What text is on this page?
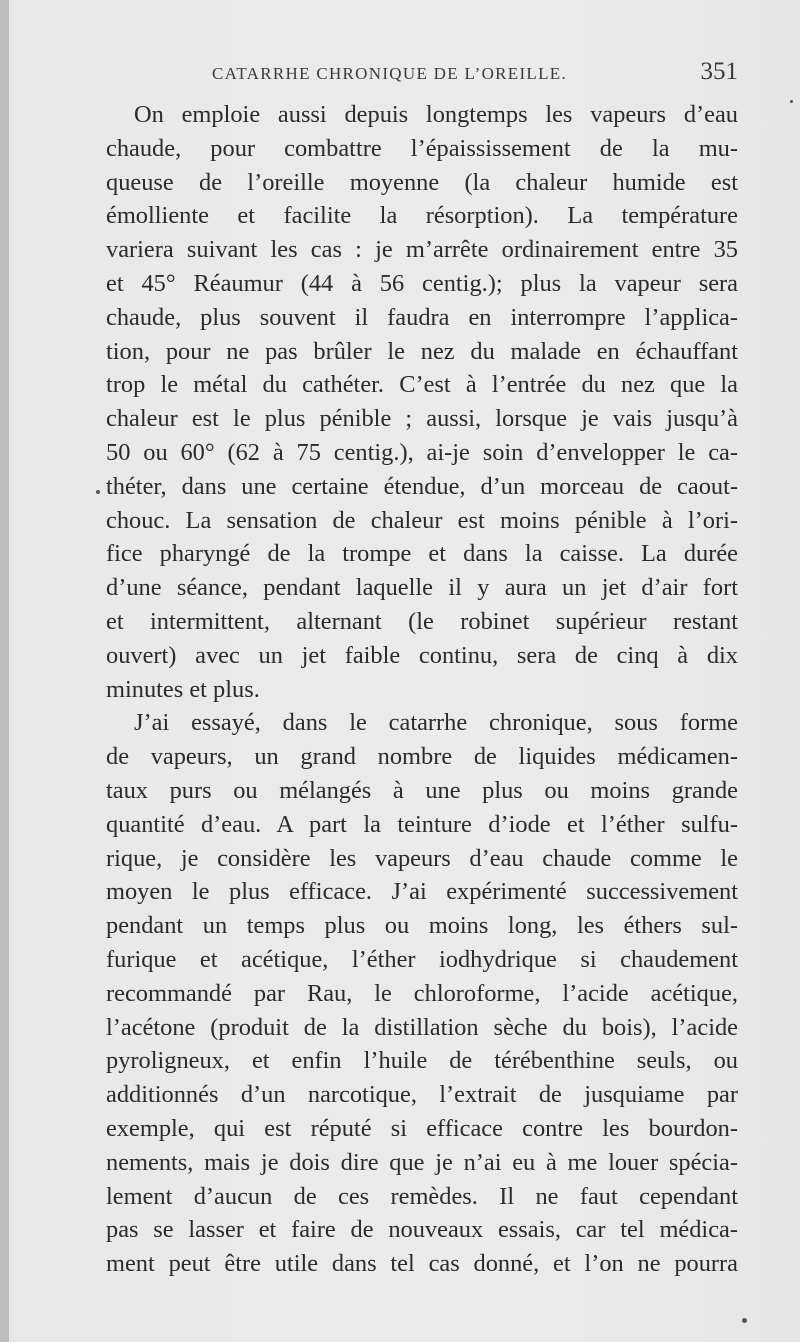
CATARRHE CHRONIQUE DE L’OREILLE.	351
On emploie aussi depuis longtemps les vapeurs d’eau
chaude, pour combattre l’épaississement de la mu-
queuse de l’oreille moyenne (la chaleur humide est
émolliente et facilite la résorption). La température
variera suivant les cas : je m’arrête ordinairement entre 35
et 45° Réaumur (44 à 56 centig.); plus la vapeur sera
chaude, plus souvent il faudra en interrompre l’applica-
tion, pour ne pas brûler le nez du malade en échauffant
trop le métal du cathéter. C’est à l’entrée du nez que la
chaleur est le plus pénible ; aussi, lorsque je vais jusqu’à
50 ou 60° (62 à 75 centig.), ai-je soin d’envelopper le ca-
théter, dans une certaine étendue, d’un morceau de caout-
chouc. La sensation de chaleur est moins pénible à l’ori-
fice pharyngé de la trompe et dans la caisse. La durée
d’une séance, pendant laquelle il y aura un jet d’air fort
et intermittent, alternant (le robinet supérieur restant
ouvert) avec un jet faible continu, sera de cinq à dix
minutes et plus.
J’ai essayé, dans le catarrhe chronique, sous forme
de vapeurs, un grand nombre de liquides médicamen-
taux purs ou mélangés à une plus ou moins grande
quantité d’eau. A part la teinture d’iode et l’éther sulfu-
rique, je considère les vapeurs d’eau chaude comme le
moyen le plus efficace. J’ai expérimenté successivement
pendant un temps plus ou moins long, les éthers sul-
furique et acétique, l’éther iodhydrique si chaudement
recommandé par Rau, le chloroforme, l’acide acétique,
l’acétone (produit de la distillation sèche du bois), l’acide
pyroligneux, et enfin l’huile de térébenthine seuls, ou
additionnés d’un narcotique, l’extrait de jusquiame par
exemple, qui est réputé si efficace contre les bourdon-
nements, mais je dois dire que je n’ai eu à me louer spécia-
lement d’aucun de ces remèdes. Il ne faut cependant
pas se lasser et faire de nouveaux essais, car tel médica-
ment peut être utile dans tel cas donné, et l’on ne pourra
